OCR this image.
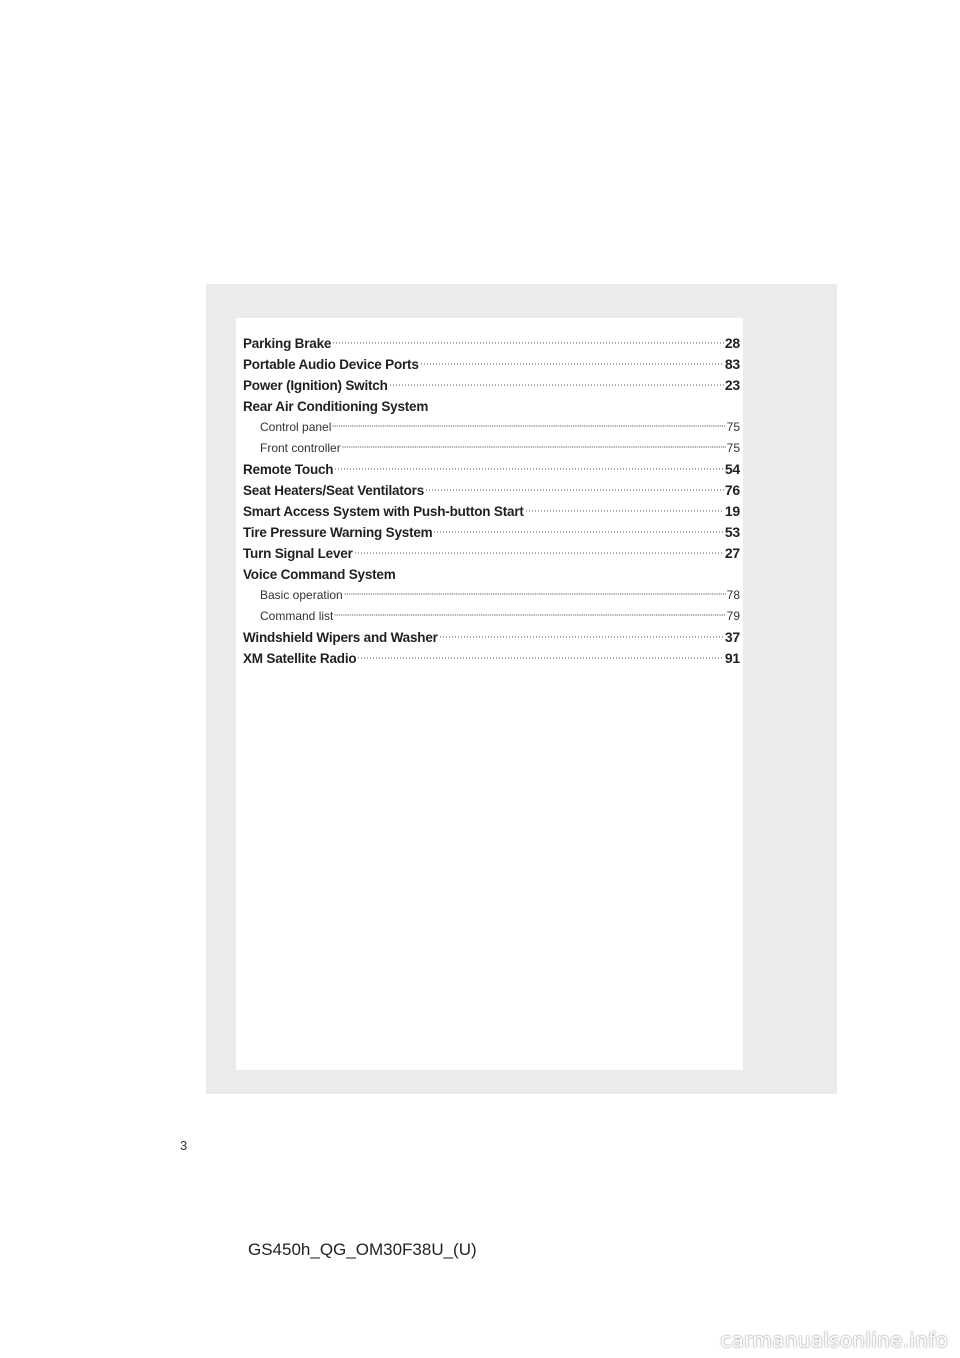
Parking Brake	28
Portable Audio Device Ports	83
Power (Ignition) Switch	23
Rear Air Conditioning System
Control panel	75
Front controller	75
Remote Touch	54
Seat Heaters/Seat Ventilators	76
Smart Access System with Push-button Start	19
Tire Pressure Warning System	53
Turn Signal Lever	27
Voice Command System
Basic operation	78
Command list	79
Windshield Wipers and Washer	37
XM Satellite Radio	91
3
GS450h_QG_OM30F38U_(U)
carmanualsonline.info
